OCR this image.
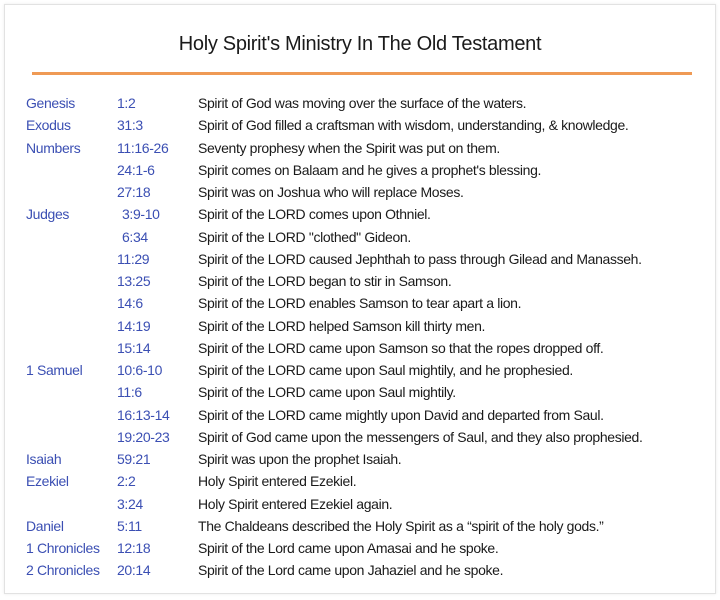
Holy Spirit's Ministry In The Old Testament
Genesis	1:2	Spirit of God was moving over the surface of the waters.
Exodus	31:3	Spirit of God filled a craftsman with wisdom, understanding, & knowledge.
Numbers	11:16-26 Seventy prophesy when the Spirit was put on them.
24:1-6	Spirit comes on Balaam and he gives a prophet's blessing.
27:18	Spirit was on Joshua who will replace Moses.
Judges	3:9-10	Spirit of the LORD comes upon Othniel.
6:34	Spirit of the LORD "clothed" Gideon.
11:29	Spirit of the LORD caused Jephthah to pass through Gilead and Manasseh.
13:25	Spirit of the LORD began to stir in Samson.
14:6	Spirit of the LORD enables Samson to tear apart a lion.
14:19	Spirit of the LORD helped Samson kill thirty men.
15:14	Spirit of the LORD came upon Samson so that the ropes dropped off.
1 Samuel 10:6-10	Spirit of the LORD came upon Saul mightily, and he prophesied.
11:6	Spirit of the LORD came upon Saul mightily.
16:13-14 Spirit of the LORD came mightly upon David and departed from Saul.
19:20-23 Spirit of God came upon the messengers of Saul, and they also prophesied.
Isaiah	59:21	Spirit was upon the prophet Isaiah.
Ezekiel	2:2	Holy Spirit entered Ezekiel.
3:24	Holy Spirit entered Ezekiel again.
Daniel	5:11	The Chaldeans described the Holy Spirit as a “spirit of the holy gods.”
1 Chronicles 12:18	Spirit of the Lord came upon Amasai and he spoke.
2 Chronicles 20:14	Spirit of the Lord came upon Jahaziel and he spoke.
